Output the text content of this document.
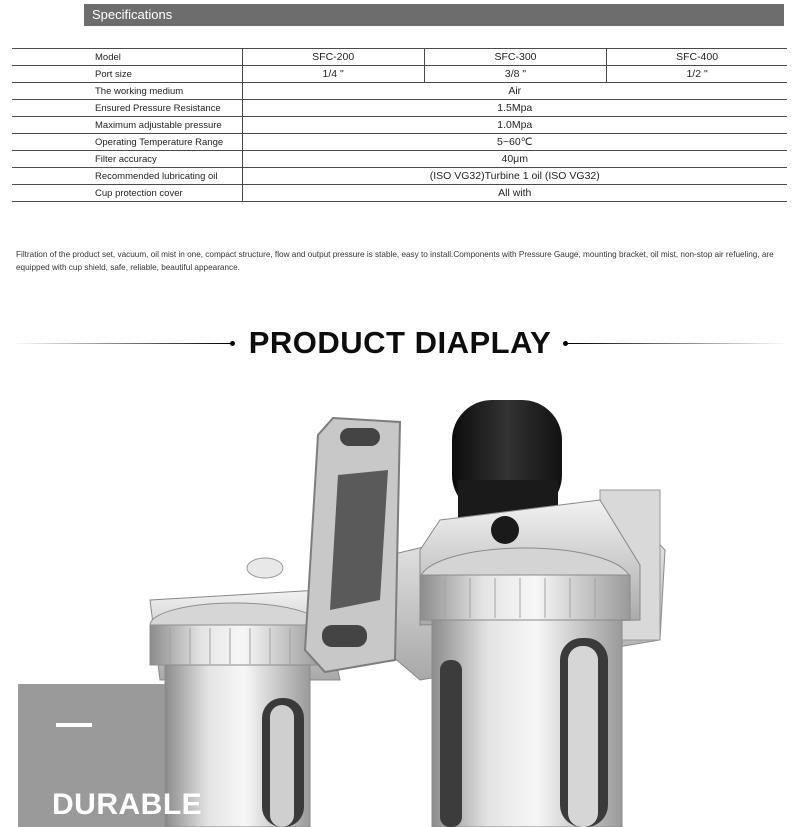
Specifications
Model	SFC-200	SFC-300	SFC-400
Port size	1/4 "	3/8 "	1/2 "
The working medium	Air		
Ensured Pressure Resistance	1.5Mpa		
Maximum adjustable pressure	1.0Mpa		
Operating Temperature Range	5~60℃		
Filter accuracy	40μm		
Recommended lubricating oil	(ISO VG32)Turbine 1 oil (ISO VG32)		
Cup protection cover	All with		
Filtration of the product set, vacuum, oil mist in one, compact structure, flow and output pressure is stable, easy to install.Components with Pressure Gauge, mounting bracket, oil mist, non-stop air refueling, are equipped with cup shield, safe, reliable, beautiful appearance.
PRODUCT DIAPLAY
DURABLE
